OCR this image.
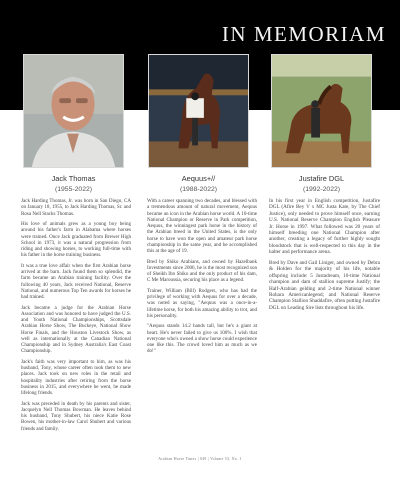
IN MEMORIAM
Jack Thomas
(1955-2022)
Aequus+//
(1988-2022)
Justafire DGL
(1992-2022)

Jack Harding Thomas, Jr. was born in San Diego, CA on January 18, 1955, to Jack Harding Thomas, Sr. and Rosa Nell Stacks Thomas.

His love of animals grew as a young boy being around his father's farm in Alabama where horses were trained. Once Jack graduated from Brewer High School in 1973, it was a natural progression from riding and showing horses, to working full-time with his father in the horse training business.

It was a true love affair when the first Arabian horse arrived at the barn. Jack found them so splendid, the farm became an Arabian training facility. Over the following 40 years, Jack received National, Reserve National, and numerous Top Ten awards for horses he had trained.

Jack became a judge for the Arabian Horse Association and was honored to have judged the U.S. and Youth National Championships, Scottsdale Arabian Horse Show, The Buckeye, National Show Horse Finals, and the Houston Livestock Show, as well as internationally at the Canadian National Championship and in Sydney Australia's East Coast Championship.

Jack's faith was very important to him, as was his husband, Tony, whose career often took them to new places. Jack took on new roles in the retail and hospitality industries after retiring from the horse business in 2015, and everywhere he went, he made lifelong friends.

Jack was preceded in death by his parents and sister, Jacquelyn Nell Thomas Bowman. He leaves behind his husband, Tony Shubert, his niece Katie Rose Bowen, his mother-in-law Carol Shubert and various friends and family.

With a career spanning two decades, and blessed with a tremendous amount of natural movement, Aequus became an icon in the Arabian horse world. A 10-time National Champion or Reserve in Park competition, Aequus, the winningest park horse in the history of the Arabian breed in the United States, is the only horse to have won the open and amateur park horse championship in the same year, and he accomplished this at the age of 19.

Bred by Shiko Arabians, and owned by Hazelbank Investments since 2006, he is the most recognized son of Sheikh Ibn Shiko and the only product of his dam, C Me Maroussia, securing his place as a legend.

Trainer, William (Bill) Rodgers, who has had the privilege of working with Aequus for over a decade, was noted as saying, "Aequus was a once-in-a-lifetime horse, for both his amazing ability to trot, and his personality.

"Aequus stands 14.2 hands tall, but he's a giant at heart. He's never failed to give us 100%. I wish that everyone who's owned a show horse could experience one like this. The crowd loved him as much as we do!"

In his first year in English competition, Justafire DGL (Afire Bey V x MC Justa Kate, by The Chief Justice), only needed to prove himself once, earning U.S. National Reserve Champion English Pleasure Jr. Horse in 1997. What followed was 20 years of himself breeding one National Champion after another, creating a legacy of further highly sought bloodstock that is well-respected to this day in the halter and performance arena.

Bred by Dave and Gail Liniger, and owned by Debra & Holden for the majority of his life, notable offspring include: 5 Justadream, 10-time National champion and dam of stallion supreme Justify; the Half-Arabian gelding and 2-time National winner Rohara Americanlegend; and National Reserve Champion Stallion Shaddafire, often putting Justafire DGL on Leading Sire lists throughout his life.

Arabian Horse Times | 049 | Volume 53, No. 1
